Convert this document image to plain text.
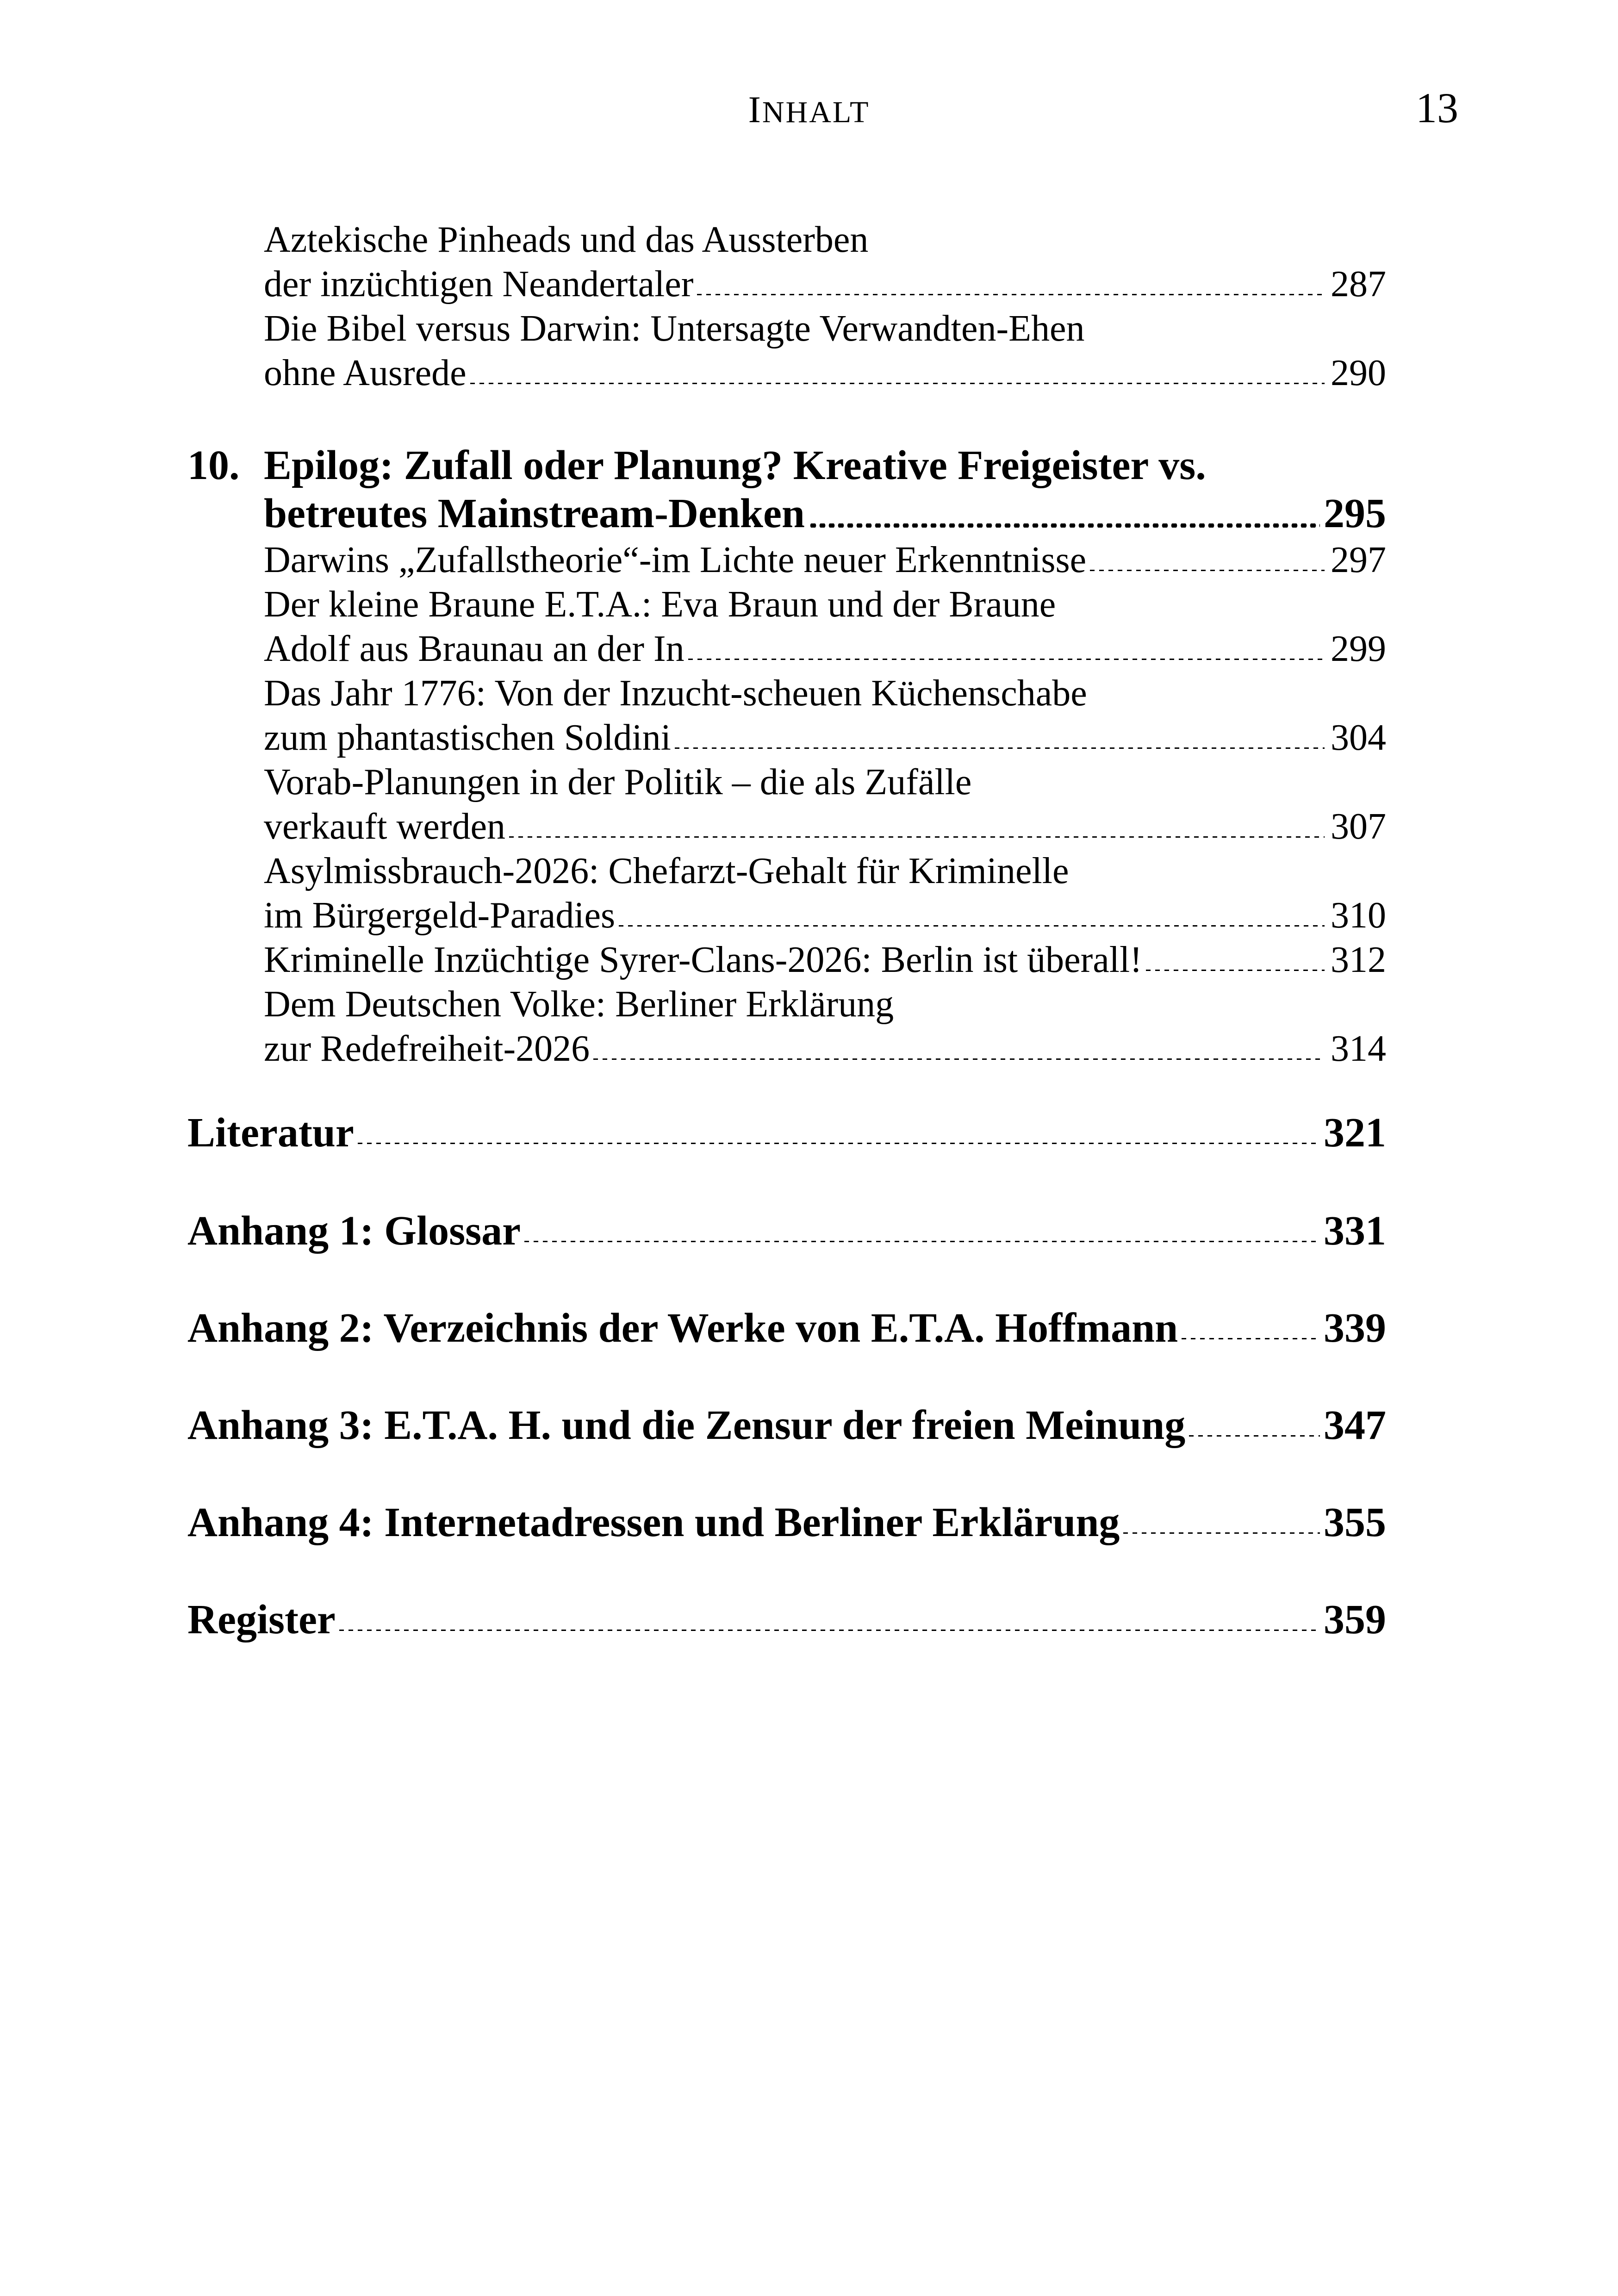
INHALT	13
Aztekische Pinheads und das Aussterben
der inzüchtigen Neandertaler	287
Die Bibel versus Darwin: Untersagte Verwandten-Ehen
ohne Ausrede	290
10. Epilog: Zufall oder Planung? Kreative Freigeister vs.
betreutes Mainstream-Denken	295
Darwins „Zufallstheorie“-im Lichte neuer Erkenntnisse	297
Der kleine Braune E.T.A.: Eva Braun und der Braune
Adolf aus Braunau an der In	299
Das Jahr 1776: Von der Inzucht-scheuen Küchenschabe
zum phantastischen Soldini	304
Vorab-Planungen in der Politik – die als Zufälle
verkauft werden	307
Asylmissbrauch-2026: Chefarzt-Gehalt für Kriminelle
im Bürgergeld-Paradies	310
Kriminelle Inzüchtige Syrer-Clans-2026: Berlin ist überall!	312
Dem Deutschen Volke: Berliner Erklärung
zur Redefreiheit-2026	314
Literatur	321
Anhang 1: Glossar	331
Anhang 2: Verzeichnis der Werke von E.T.A. Hoffmann	339
Anhang 3: E.T.A. H. und die Zensur der freien Meinung	347
Anhang 4: Internetadressen und Berliner Erklärung	355
Register	359
